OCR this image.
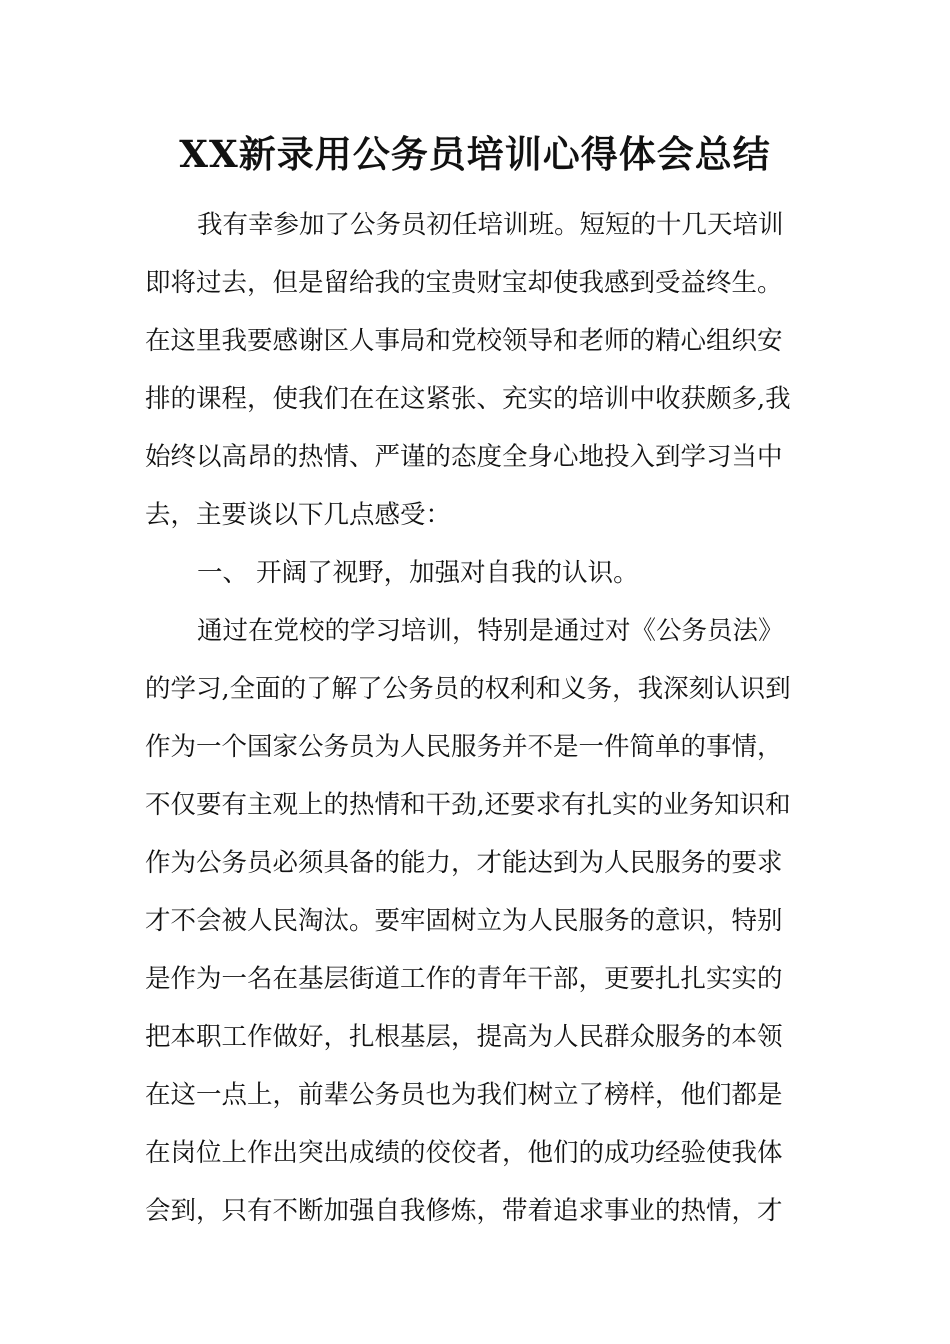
XX新录用公务员培训心得体会总结
我有幸参加了公务员初任培训班。短短的十几天培训
即将过去，但是留给我的宝贵财宝却使我感到受益终生。
在这里我要感谢区人事局和党校领导和老师的精心组织安
排的课程，使我们在在这紧张、充实的培训中收获颇多,我
始终以高昂的热情、严谨的态度全身心地投入到学习当中
去，主要谈以下几点感受：
一、 开阔了视野，加强对自我的认识。
通过在党校的学习培训，特别是通过对《公务员法》
的学习,全面的了解了公务员的权利和义务，我深刻认识到
作为一个国家公务员为人民服务并不是一件简单的事情，
不仅要有主观上的热情和干劲,还要求有扎实的业务知识和
作为公务员必须具备的能力，才能达到为人民服务的要求
才不会被人民淘汰。要牢固树立为人民服务的意识，特别
是作为一名在基层街道工作的青年干部，更要扎扎实实的
把本职工作做好，扎根基层，提高为人民群众服务的本领
在这一点上，前辈公务员也为我们树立了榜样，他们都是
在岗位上作出突出成绩的佼佼者，他们的成功经验使我体
会到，只有不断加强自我修炼，带着追求事业的热情，才
